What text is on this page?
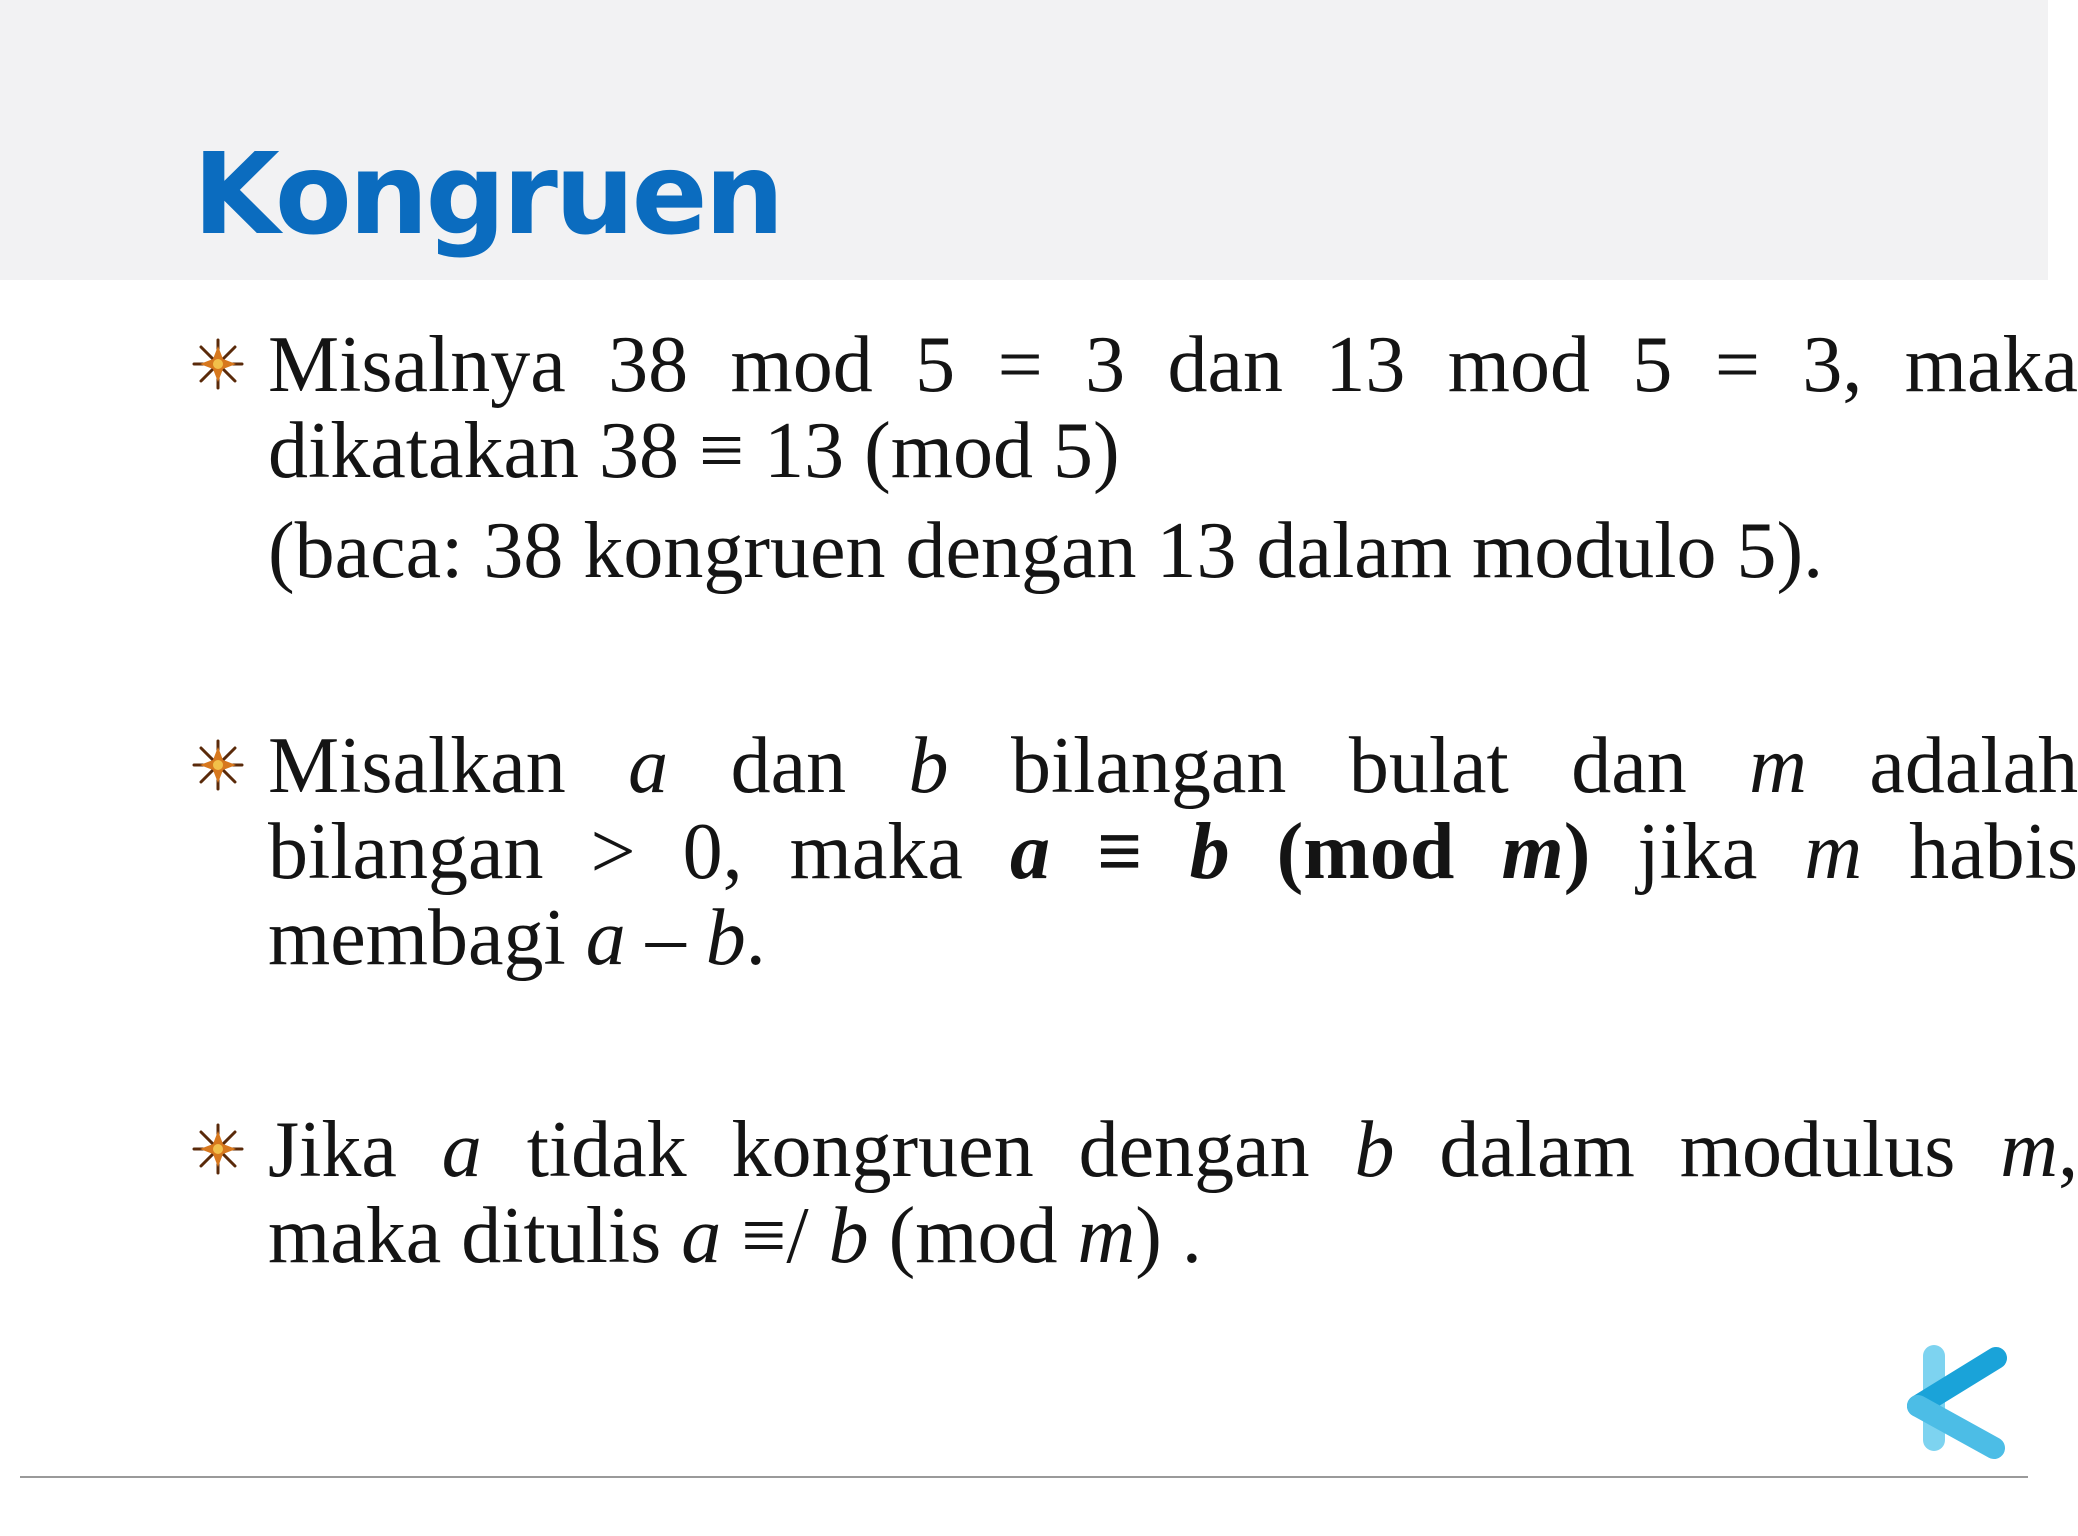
Kongruen
Misalnya 38 mod 5 = 3 dan 13 mod 5 = 3, maka
dikatakan 38 ≡ 13 (mod 5)
(baca: 38 kongruen dengan 13 dalam modulo 5).
Misalkan a dan b bilangan bulat dan m adalah
bilangan > 0, maka a ≡ b (mod m) jika m habis
membagi a – b.
Jika a tidak kongruen dengan b dalam modulus m,
maka ditulis a ≡/ b (mod m) .
